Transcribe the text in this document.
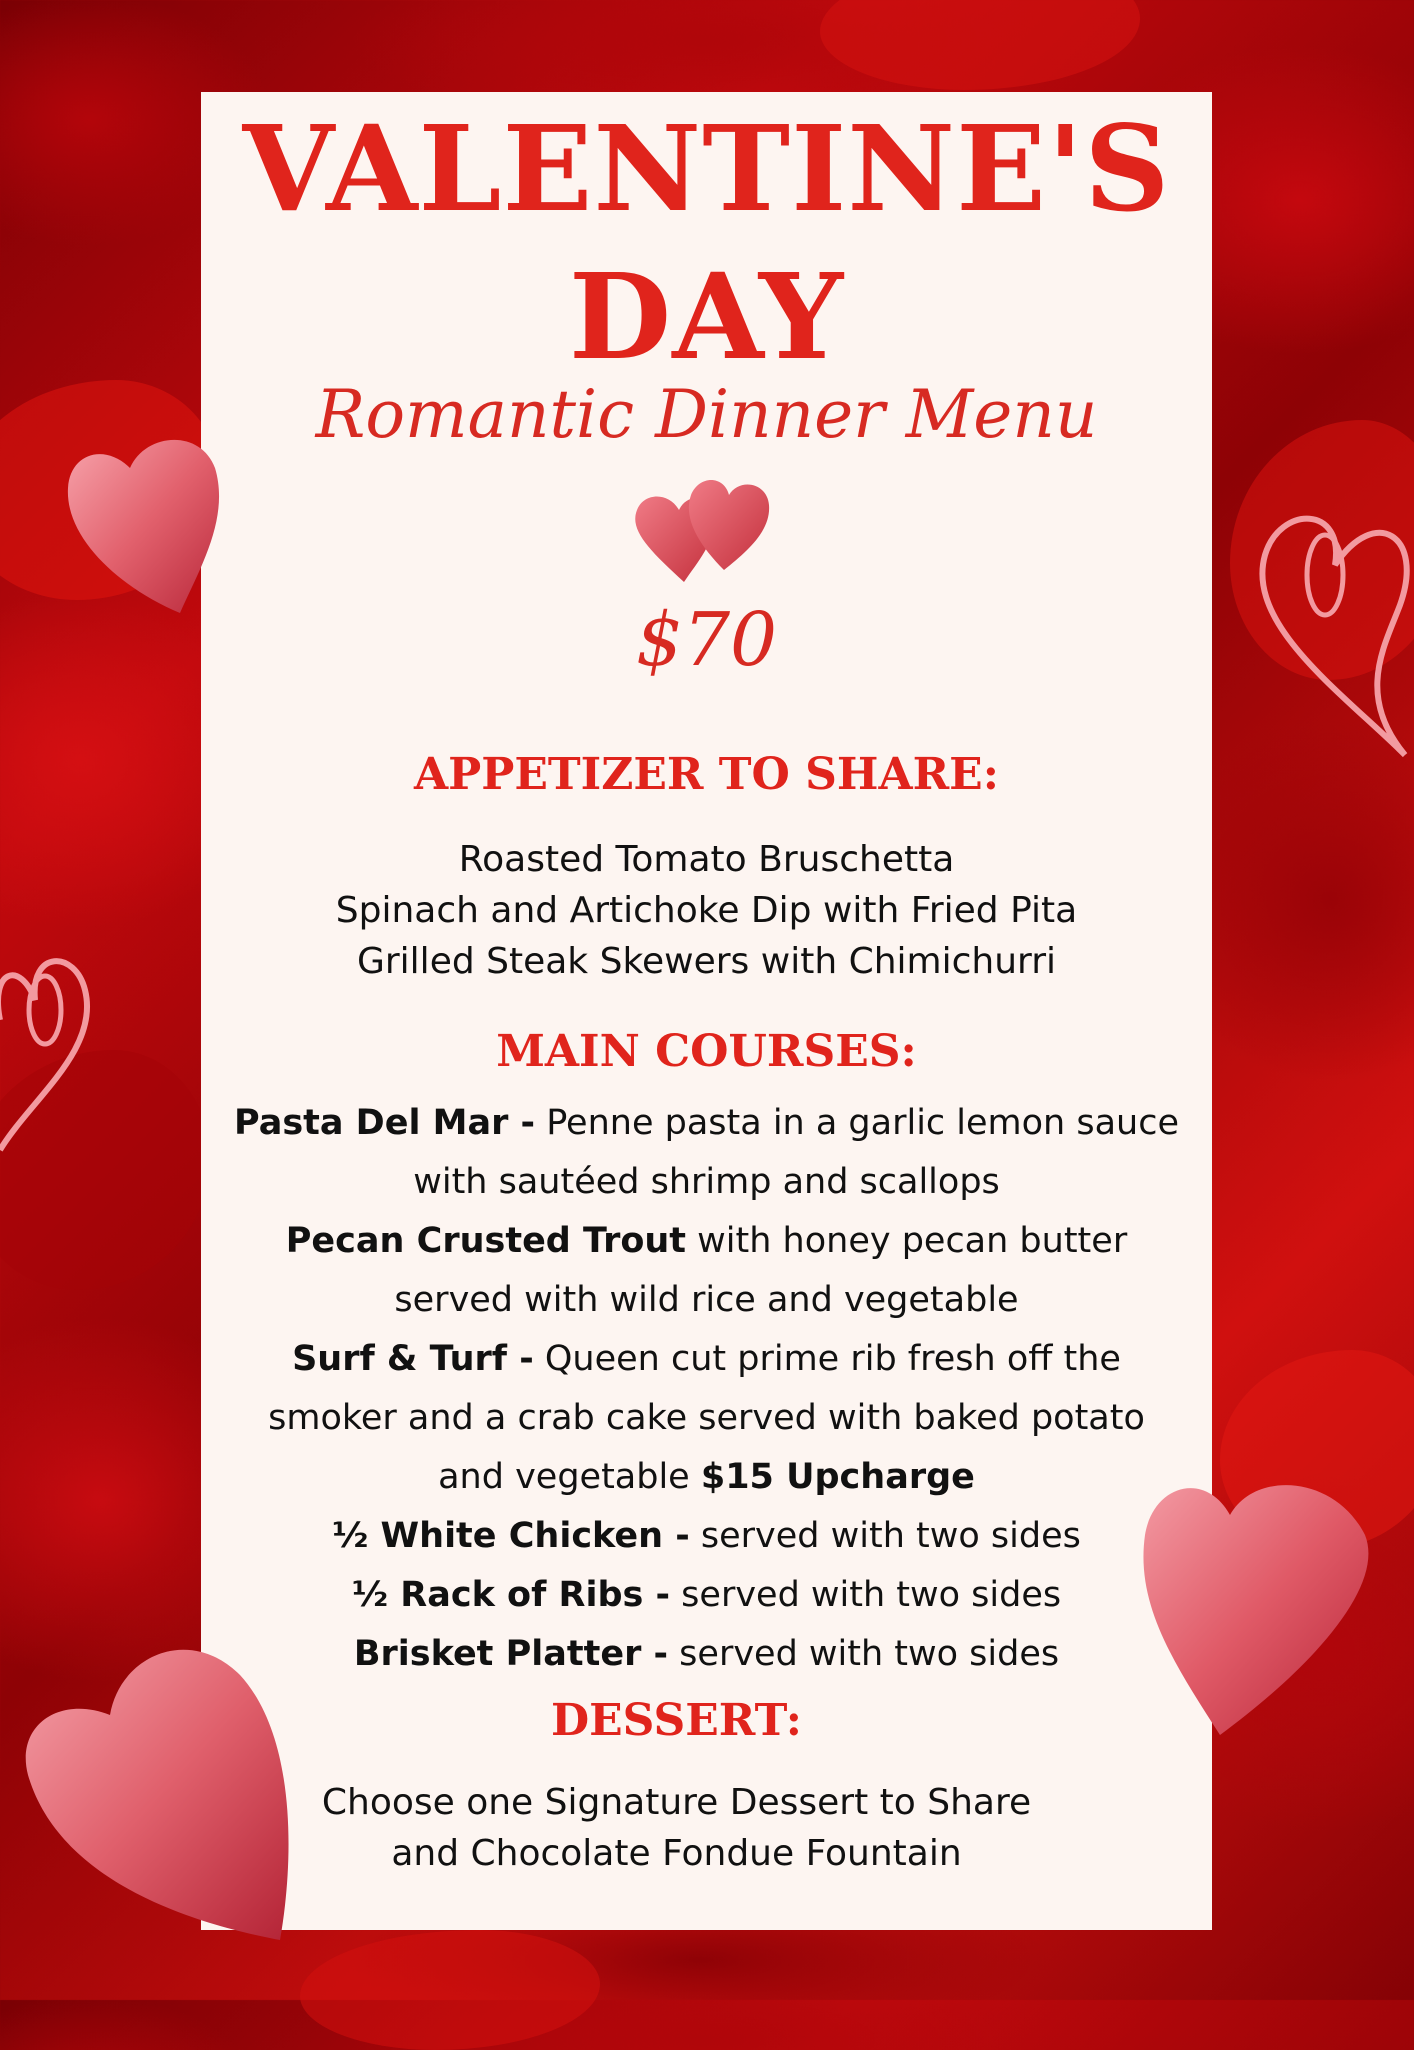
VALENTINE'S
DAY
Romantic Dinner Menu
$70
APPETIZER TO SHARE:
Roasted Tomato Bruschetta
Spinach and Artichoke Dip with Fried Pita
Grilled Steak Skewers with Chimichurri
MAIN COURSES:
Pasta Del Mar - Penne pasta in a garlic lemon sauce
with sautéed shrimp and scallops
Pecan Crusted Trout with honey pecan butter
served with wild rice and vegetable
Surf & Turf - Queen cut prime rib fresh off the
smoker and a crab cake served with baked potato
and vegetable $15 Upcharge
½ White Chicken - served with two sides
½ Rack of Ribs - served with two sides
Brisket Platter - served with two sides
DESSERT:
Choose one Signature Dessert to Share
and Chocolate Fondue Fountain
